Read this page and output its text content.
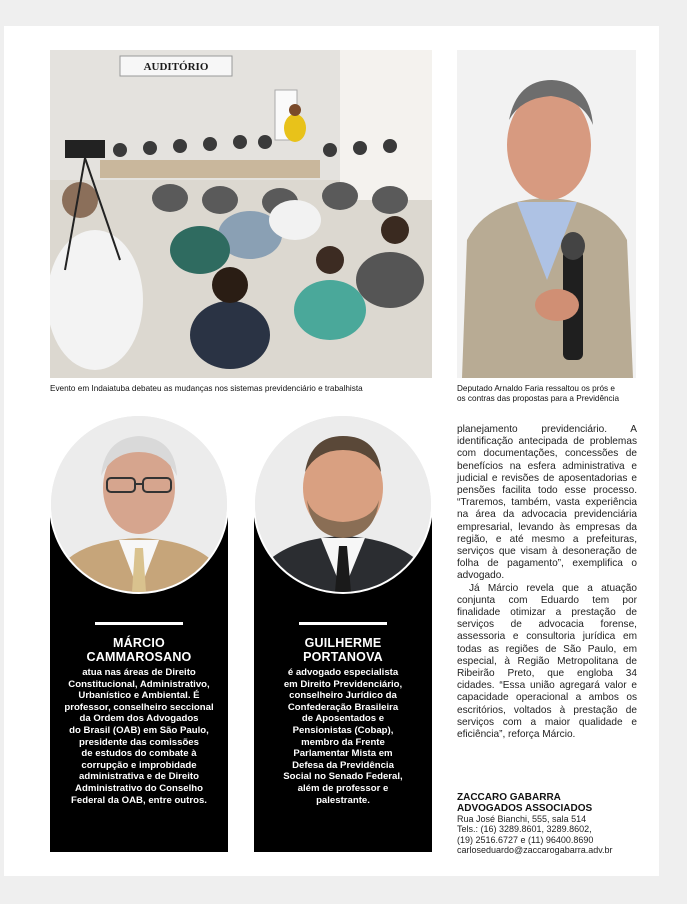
AUDITÓRIO
Evento em Indaiatuba debateu as mudanças nos sistemas previdenciário e trabalhista	Deputado Arnaldo Faria ressaltou os prós e
os contras das propostas para a Previdência
MÁRCIO
CAMMAROSANO
atua nas áreas de Direito
Constitucional, Administrativo,
Urbanístico e Ambiental. É
professor, conselheiro seccional
da Ordem dos Advogados
do Brasil (OAB) em São Paulo,
presidente das comissões
de estudos do combate à
corrupção e improbidade
administrativa e de Direito
Administrativo do Conselho
Federal da OAB, entre outros.
GUILHERME
PORTANOVA
é advogado especialista
em Direito Previdenciário,
conselheiro Jurídico da
Confederação Brasileira
de Aposentados e
Pensionistas (Cobap),
membro da Frente
Parlamentar Mista em
Defesa da Previdência
Social no Senado Federal,
além de professor e
palestrante.

planejamento previdenciário. A identificação antecipada de problemas com documentações, concessões de benefícios na esfera administrativa e judicial e revisões de aposentadorias e pensões facilita todo esse processo. “Traremos, também, vasta experiência na área da advocacia previdenciária empresarial, levando às empresas da região, e até mesmo a prefeituras, serviços que visam à desoneração de folha de pagamento”, exemplifica o advogado.

Já Márcio revela que a atuação conjunta com Eduardo tem por finalidade otimizar a prestação de serviços de advocacia forense, assessoria e consultoria jurídica em todas as regiões de São Paulo, em especial, à Região Metropolitana de Ribeirão Preto, que engloba 34 cidades. “Essa união agregará valor e capacidade operacional a ambos os escritórios, voltados à prestação de serviços com a maior qualidade e eficiência”, reforça Márcio.

ZACCARO GABARRA
ADVOGADOS ASSOCIADOS
Rua José Bianchi, 555, sala 514
Tels.: (16) 3289.8601, 3289.8602,
(19) 2516.6727 e (11) 96400.8690
carloseduardo@zaccarogabarra.adv.br
